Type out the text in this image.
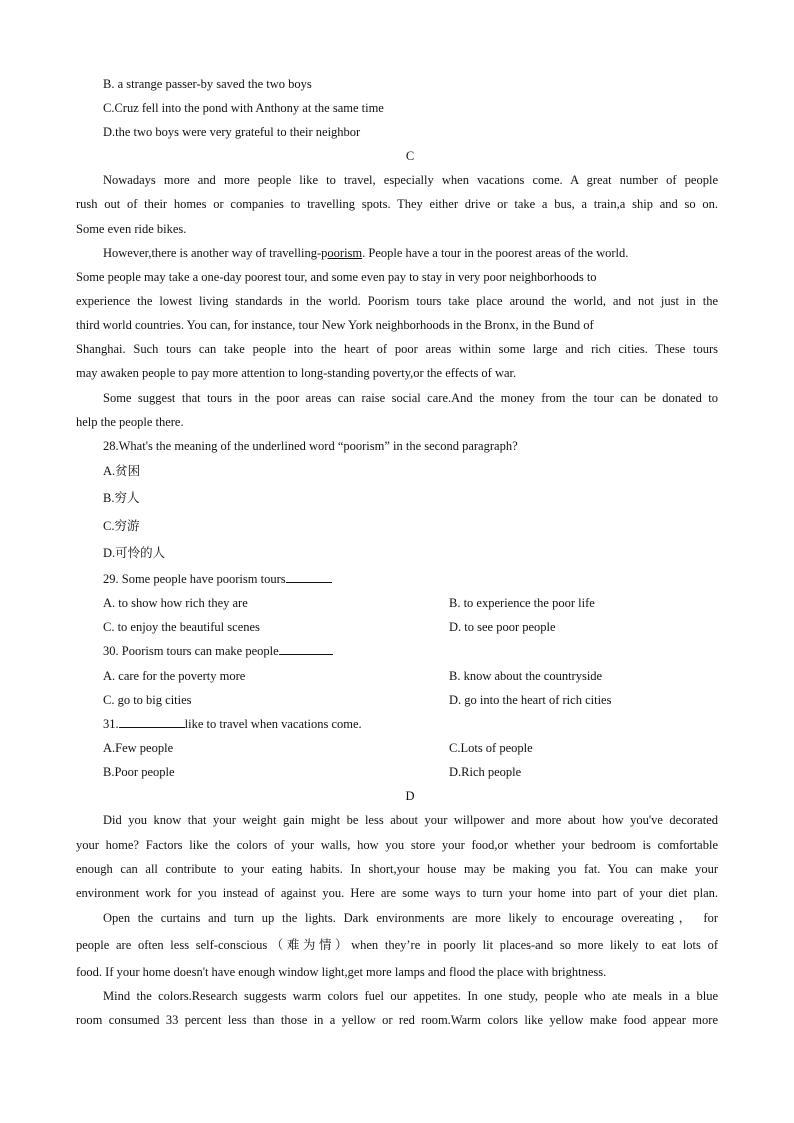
B. a strange passer-by saved the two boys
C.Cruz fell into the pond with Anthony at the same time
D.the two boys were very grateful to their neighbor
C
Nowadays more and more people like to travel, especially when vacations come. A great number of people
rush out of their homes or companies to travelling spots. They either drive or take a bus, a train,a ship and so on.
Some even ride bikes.
However,there is another way of travelling-poorism. People have a tour in the poorest areas of the world.
Some people may take a one-day poorest tour, and some even pay to stay in very poor neighborhoods to
experience the lowest living standards in the world. Poorism tours take place around the world, and not just in the
third world countries. You can, for instance, tour New York neighborhoods in the Bronx, in the Bund of
Shanghai. Such tours can take people into the heart of poor areas within some large and rich cities. These tours
may awaken people to pay more attention to long-standing poverty,or the effects of war.
Some suggest that tours in the poor areas can raise social care.And the money from the tour can be donated to
help the people there.
28.What's the meaning of the underlined word “poorism” in the second paragraph?
A.贫困
B.穷人
C.穷游
D.可怜的人
29. Some people have poorism tours
A. to show how rich they are	B. to experience the poor life
C. to enjoy the beautiful scenes	D. to see poor people
30. Poorism tours can make people
A. care for the poverty more	B. know about the countryside
C. go to big cities	D. go into the heart of rich cities
31.	like to travel when vacations come.
A.Few people	C.Lots of people
B.Poor people	D.Rich people
D
Did you know that your weight gain might be less about your willpower and more about how you've decorated
your home? Factors like the colors of your walls, how you store your food,or whether your bedroom is comfortable
enough can all contribute to your eating habits. In short,your house may be making you fat. You can make your
environment work for you instead of against you. Here are some ways to turn your home into part of your diet plan.
Open the curtains and turn up the lights. Dark environments are more likely to encourage overeating， for
people are often less self-conscious（难为情）when they’re in poorly lit places-and so more likely to eat lots of
food. If your home doesn't have enough window light,get more lamps and flood the place with brightness.
Mind the colors.Research suggests warm colors fuel our appetites. In one study, people who ate meals in a blue
room consumed 33 percent less than those in a yellow or red room.Warm colors like yellow make food appear more
